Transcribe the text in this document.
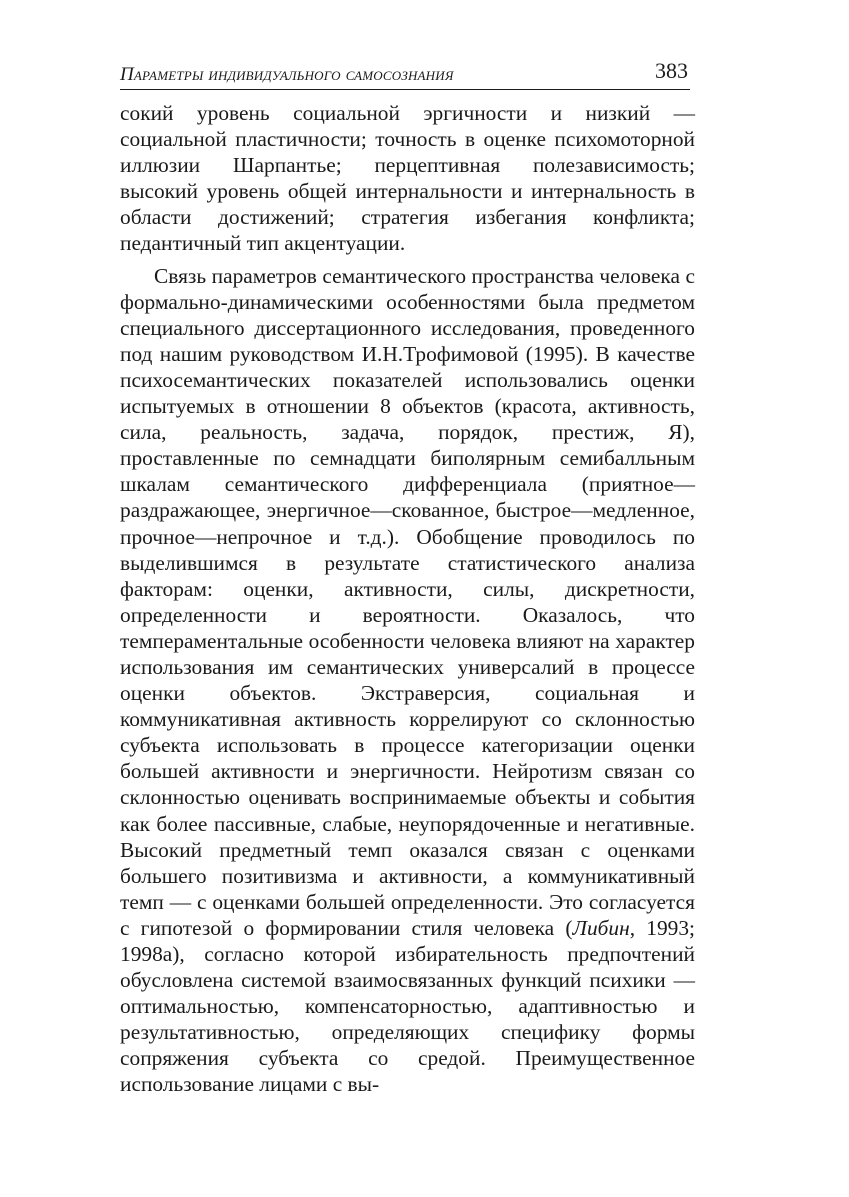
Параметры индивидуального самосознания	383

сокий уровень социальной эргичности и низкий — социальной пластичности; точность в оценке психомоторной иллюзии Шарпантье; перцептивная полезависимость; высокий уровень общей интернальности и интернальность в области достижений; стратегия избегания конфликта; педантичный тип акцентуации.

Связь параметров семантического пространства человека с формально-динамическими особенностями была предметом специального диссертационного исследования, проведенного под нашим руководством И.Н.Трофимовой (1995). В качестве психосемантических показателей использовались оценки испытуемых в отношении 8 объектов (красота, активность, сила, реальность, задача, порядок, престиж, Я), проставленные по семнадцати биполярным семибалльным шкалам семантического дифференциала (приятное—раздражающее, энергичное—скованное, быстрое—медленное, прочное—непрочное и т.д.). Обобщение проводилось по выделившимся в результате статистического анализа факторам: оценки, активности, силы, дискретности, определенности и вероятности. Оказалось, что темпераментальные особенности человека влияют на характер использования им семантических универсалий в процессе оценки объектов. Экстраверсия, социальная и коммуникативная активность коррелируют со склонностью субъекта использовать в процессе категоризации оценки большей активности и энергичности. Нейротизм связан со склонностью оценивать воспринимаемые объекты и события как более пассивные, слабые, неупорядоченные и негативные. Высокий предметный темп оказался связан с оценками большего позитивизма и активности, а коммуникативный темп — с оценками большей определенности. Это согласуется с гипотезой о формировании стиля человека (Либин, 1993; 1998а), согласно которой избирательность предпочтений обусловлена системой взаимосвязанных функций психики — оптимальностью, компенсаторностью, адаптивностью и результативностью, определяющих специфику формы сопряжения субъекта со средой. Преимущественное использование лицами с вы-
